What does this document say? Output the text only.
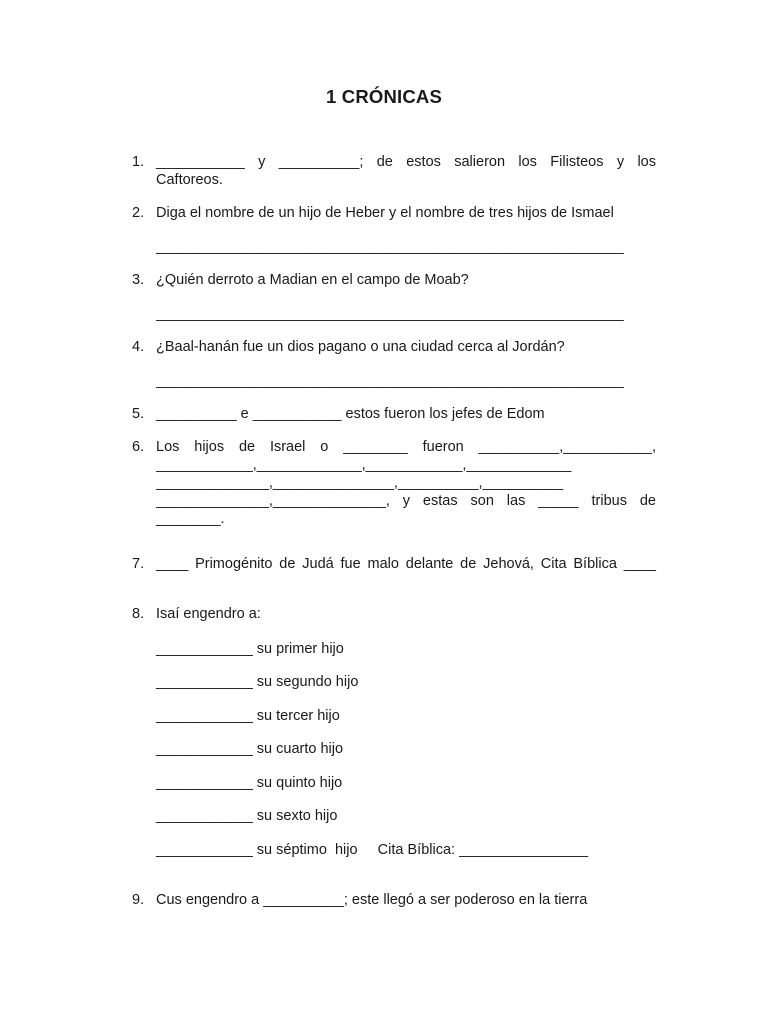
1 CRÓNICAS
1. ___________ y __________; de estos salieron los Filisteos y los
Caftoreos.
2. Diga el nombre de un hijo de Heber y el nombre de tres hijos de Ismael
__________________________________________________________
3. ¿Quién derroto a Madian en el campo de Moab?
__________________________________________________________
4. ¿Baal-hanán fue un dios pagano o una ciudad cerca al Jordán?
__________________________________________________________
5. __________ e ___________ estos fueron los jefes de Edom
6. Los hijos de Israel o ________ fueron __________,___________,
____________,_____________,____________,_____________
______________,_______________,__________,__________
______________,______________, y estas son las _____ tribus de
________.
7. ____ Primogénito de Judá fue malo delante de Jehová, Cita Bíblica ____
8. Isaí engendro a:
____________ su primer hijo
____________ su segundo hijo
____________ su tercer hijo
____________ su cuarto hijo
____________ su quinto hijo
____________ su sexto hijo
____________ su séptimo  hijo     Cita Bíblica: ________________
9. Cus engendro a __________; este llegó a ser poderoso en la tierra
